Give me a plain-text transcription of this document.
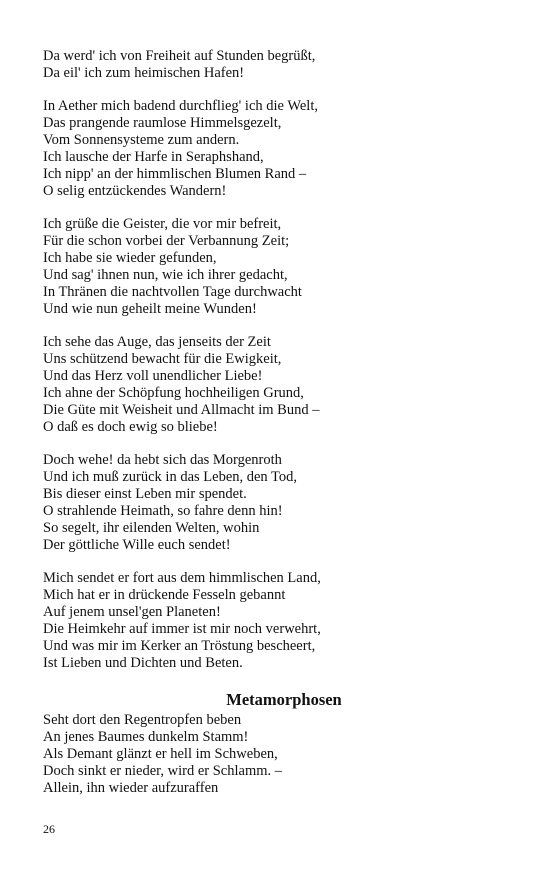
Da werd' ich von Freiheit auf Stunden begrüßt,
Da eil' ich zum heimischen Hafen!
In Aether mich badend durchflieg' ich die Welt,
Das prangende raumlose Himmelsgezelt,
Vom Sonnensysteme zum andern.
Ich lausche der Harfe in Seraphshand,
Ich nipp' an der himmlischen Blumen Rand –
O selig entzückendes Wandern!
Ich grüße die Geister, die vor mir befreit,
Für die schon vorbei der Verbannung Zeit;
Ich habe sie wieder gefunden,
Und sag' ihnen nun, wie ich ihrer gedacht,
In Thränen die nachtvollen Tage durchwacht
Und wie nun geheilt meine Wunden!
Ich sehe das Auge, das jenseits der Zeit
Uns schützend bewacht für die Ewigkeit,
Und das Herz voll unendlicher Liebe!
Ich ahne der Schöpfung hochheiligen Grund,
Die Güte mit Weisheit und Allmacht im Bund –
O daß es doch ewig so bliebe!
Doch wehe! da hebt sich das Morgenroth
Und ich muß zurück in das Leben, den Tod,
Bis dieser einst Leben mir spendet.
O strahlende Heimath, so fahre denn hin!
So segelt, ihr eilenden Welten, wohin
Der göttliche Wille euch sendet!
Mich sendet er fort aus dem himmlischen Land,
Mich hat er in drückende Fesseln gebannt
Auf jenem unsel'gen Planeten!
Die Heimkehr auf immer ist mir noch verwehrt,
Und was mir im Kerker an Tröstung bescheert,
Ist Lieben und Dichten und Beten.
Metamorphosen
Seht dort den Regentropfen beben
An jenes Baumes dunkelm Stamm!
Als Demant glänzt er hell im Schweben,
Doch sinkt er nieder, wird er Schlamm. –
Allein, ihn wieder aufzuraffen
26
